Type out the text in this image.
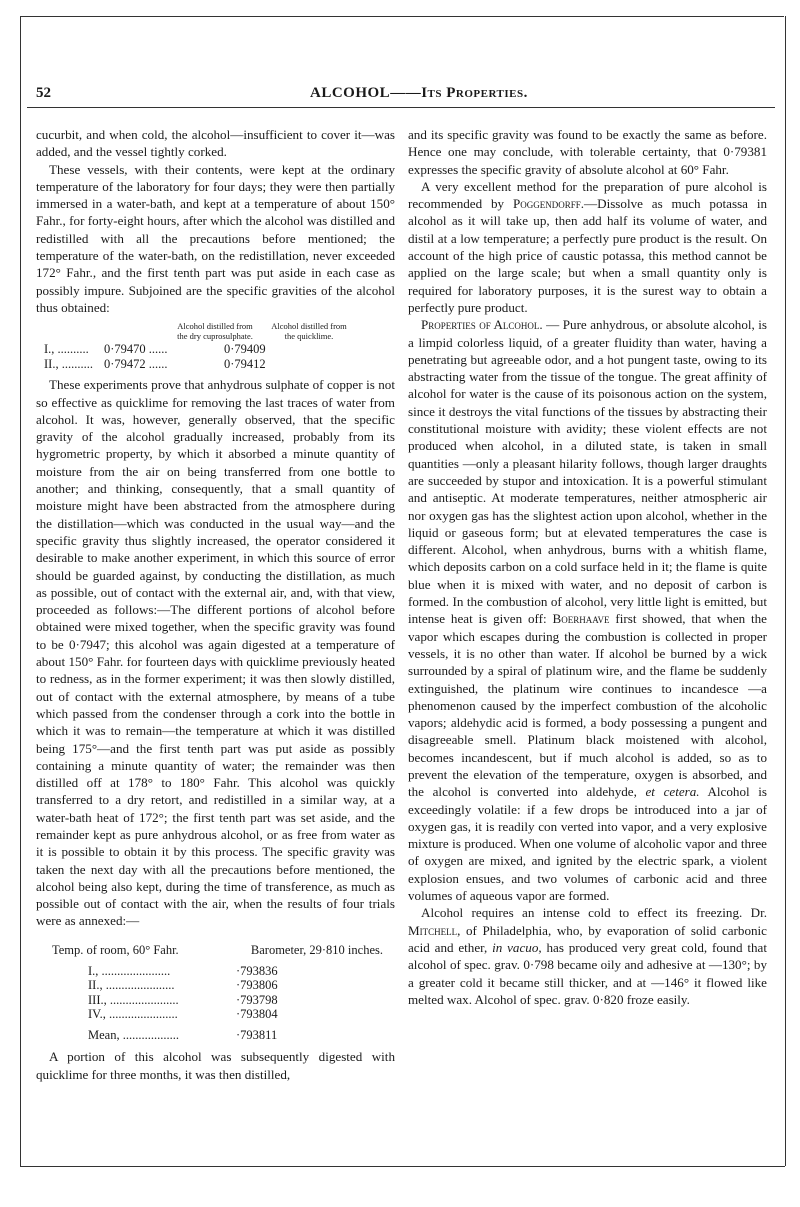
52	ALCOHOL——Its Properties.

cucurbit, and when cold, the alcohol—insufficient to cover it—was added, and the vessel tightly corked.

These vessels, with their contents, were kept at the ordinary temperature of the laboratory for four days; they were then partially immersed in a water-bath, and kept at a temperature of about 150° Fahr., for forty-eight hours, after which the alcohol was distilled and redistilled with all the precautions before mentioned; the temperature of the water-bath, on the redistillation, never exceeded 172° Fahr., and the first tenth part was put aside in each case as possibly impure. Subjoined are the specific gravities of the alcohol thus obtained:

Alcohol distilled from the dry cuprosulphate.
Alcohol distilled from the quicklime.
I., ..........	0·79470 ......	0·79409
II., .......... 0·79472 ......	0·79412

These experiments prove that anhydrous sulphate of copper is not so effective as quicklime for removing the last traces of water from alcohol. It was, however, generally observed, that the specific gravity of the alcohol gradually increased, probably from its hygrometric property, by which it absorbed a minute quantity of moisture from the air on being transferred from one bottle to another; and thinking, consequently, that a small quantity of moisture might have been abstracted from the atmosphere during the distillation—which was conducted in the usual way—and the specific gravity thus slightly increased, the operator considered it desirable to make another experiment, in which this source of error should be guarded against, by conducting the distillation, as much as possible, out of contact with the external air, and, with that view, proceeded as follows:—The different portions of alcohol before obtained were mixed together, when the specific gravity was found to be 0·7947; this alcohol was again digested at a temperature of about 150° Fahr. for fourteen days with quicklime previously heated to redness, as in the former experiment; it was then slowly distilled, out of contact with the external atmosphere, by means of a tube which passed from the condenser through a cork into the bottle in which it was to remain—the temperature at which it was distilled being 175°—and the first tenth part was put aside as possibly containing a minute quantity of water; the remainder was then distilled off at 178° to 180° Fahr. This alcohol was quickly transferred to a dry retort, and redistilled in a similar way, at a water-bath heat of 172°; the first tenth part was set aside, and the remainder kept as pure anhydrous alcohol, or as free from water as it is possible to obtain it by this process. The specific gravity was taken the next day with all the precautions before mentioned, the alcohol being also kept, during the time of transference, as much as possible out of contact with the air, when the results of four trials were as annexed:—

Temp. of room, 60° Fahr.	Barometer, 29·810 inches.
I., ......................	·793836
II., ......................	·793806
III., ......................	·793798
IV., ......................	·793804
Mean, ..................	·793811

A portion of this alcohol was subsequently digested with quicklime for three months, it was then distilled,

and its specific gravity was found to be exactly the same as before. Hence one may conclude, with tolerable certainty, that 0·79381 expresses the specific gravity of absolute alcohol at 60° Fahr.

A very excellent method for the preparation of pure alcohol is recommended by Poggendorff.—Dissolve as much potassa in alcohol as it will take up, then add half its volume of water, and distil at a low temperature; a perfectly pure product is the result. On account of the high price of caustic potassa, this method cannot be applied on the large scale; but when a small quantity only is required for laboratory purposes, it is the surest way to obtain a perfectly pure product.

Properties of Alcohol. — Pure anhydrous, or absolute alcohol, is a limpid colorless liquid, of a greater fluidity than water, having a penetrating but agreeable odor, and a hot pungent taste, owing to its abstracting water from the tissue of the tongue. The great affinity of alcohol for water is the cause of its poisonous action on the system, since it destroys the vital functions of the tissues by abstracting their constitutional moisture with avidity; these violent effects are not produced when alcohol, in a diluted state, is taken in small quantities —only a pleasant hilarity follows, though larger draughts are succeeded by stupor and intoxication. It is a powerful stimulant and antiseptic. At moderate temperatures, neither atmospheric air nor oxygen gas has the slightest action upon alcohol, whether in the liquid or gaseous form; but at elevated temperatures the case is different. Alcohol, when anhydrous, burns with a whitish flame, which deposits carbon on a cold surface held in it; the flame is quite blue when it is mixed with water, and no deposit of carbon is formed. In the combustion of alcohol, very little light is emitted, but intense heat is given off: Boerhaave first showed, that when the vapor which escapes during the combustion is collected in proper vessels, it is no other than water. If alcohol be burned by a wick surrounded by a spiral of platinum wire, and the flame be suddenly extinguished, the platinum wire continues to incandesce —a phenomenon caused by the imperfect combustion of the alcoholic vapors; aldehydic acid is formed, a body possessing a pungent and disagreeable smell. Platinum black moistened with alcohol, becomes incandescent, but if much alcohol is added, so as to prevent the elevation of the temperature, oxygen is absorbed, and the alcohol is converted into aldehyde, et cetera. Alcohol is exceedingly volatile: if a few drops be introduced into a jar of oxygen gas, it is readily con verted into vapor, and a very explosive mixture is produced. When one volume of alcoholic vapor and three of oxygen are mixed, and ignited by the electric spark, a violent explosion ensues, and two volumes of carbonic acid and three volumes of aqueous vapor are formed.

Alcohol requires an intense cold to effect its freezing. Dr. Mitchell, of Philadelphia, who, by evaporation of solid carbonic acid and ether, in vacuo, has produced very great cold, found that alcohol of spec. grav. 0·798 became oily and adhesive at —130°; by a greater cold it became still thicker, and at —146° it flowed like melted wax. Alcohol of spec. grav. 0·820 froze easily.
